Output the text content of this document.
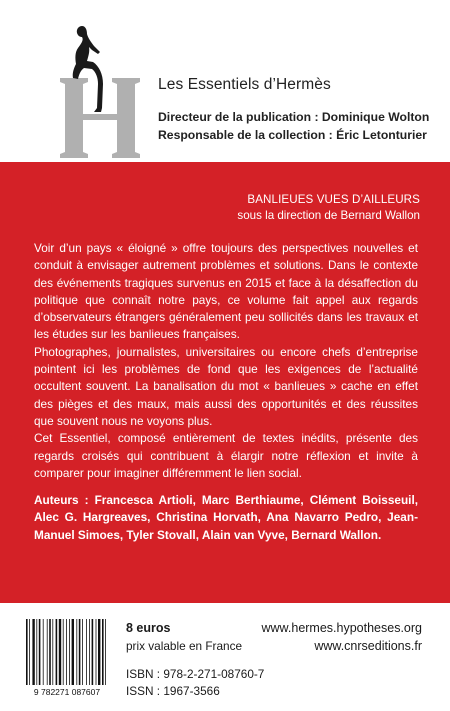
Les Essentiels d’Hermès
Directeur de la publication : Dominique Wolton
Responsable de la collection : Éric Letonturier
BANLIEUES VUES D’AILLEURS
sous la direction de Bernard Wallon

Voir d’un pays « éloigné » offre toujours des perspectives nouvelles et conduit à envisager autrement problèmes et solutions. Dans le contexte des événements tragiques survenus en 2015 et face à la désaffection du politique que connaît notre pays, ce volume fait appel aux regards d’observateurs étrangers généralement peu sollicités dans les travaux et les études sur les banlieues françaises.

Photographes, journalistes, universitaires ou encore chefs d’entreprise pointent ici les problèmes de fond que les exigences de l’actualité occultent souvent. La banalisation du mot « banlieues » cache en effet des pièges et des maux, mais aussi des opportunités et des réussites que souvent nous ne voyons plus.

Cet Essentiel, composé entièrement de textes inédits, présente des regards croisés qui contribuent à élargir notre réflexion et invite à comparer pour imaginer différemment le lien social.

Auteurs : Francesca Artioli, Marc Berthiaume, Clément Boisseuil, Alec G. Hargreaves, Christina Horvath, Ana Navarro Pedro, Jean-Manuel Simoes, Tyler Stovall, Alain van Vyve, Bernard Wallon.
9 782271 087607
8 euros
prix valable en France
ISBN : 978-2-271-08760-7
ISSN : 1967-3566
www.hermes.hypotheses.org
www.cnrseditions.fr
